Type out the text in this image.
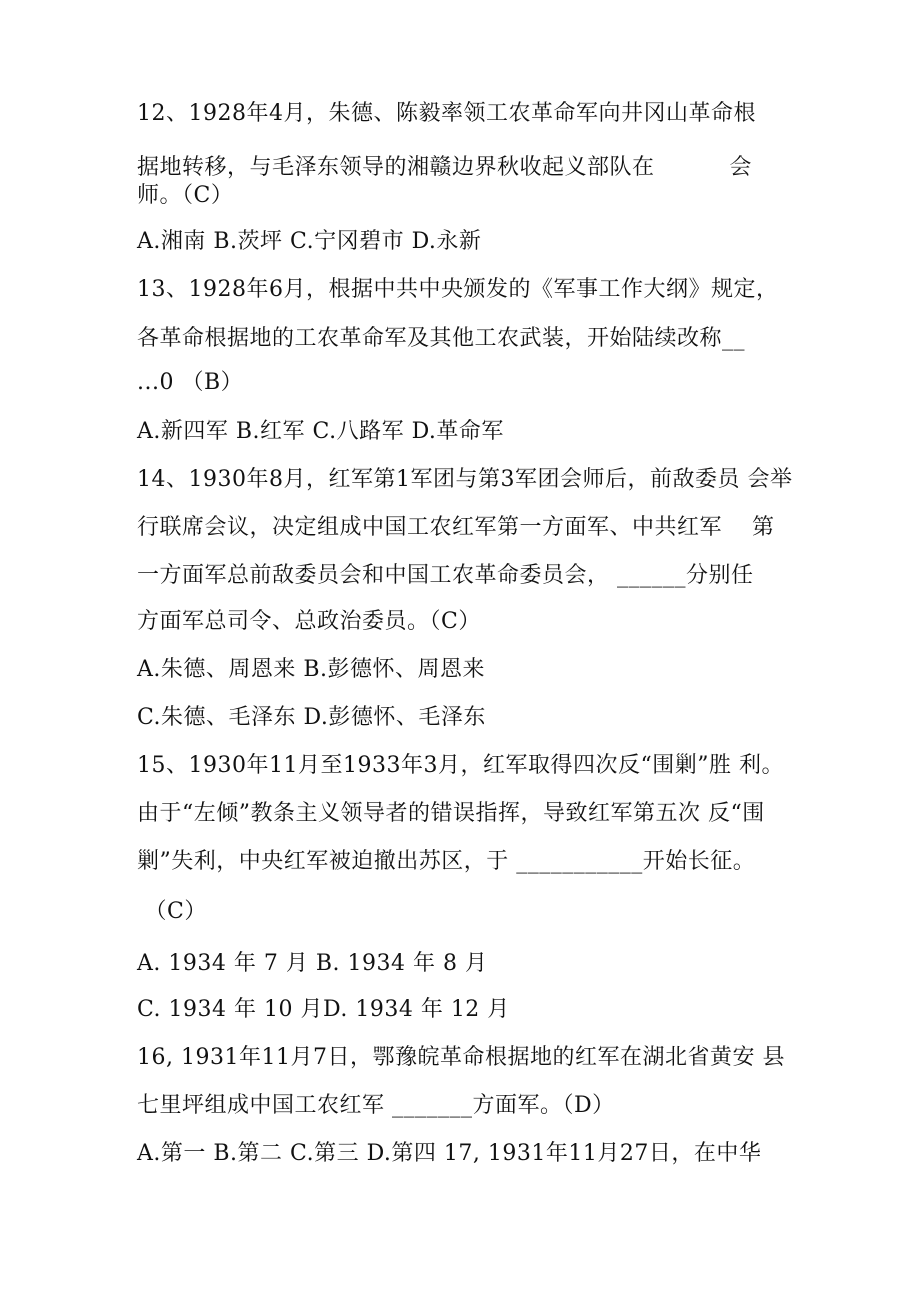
12、1928年4月，朱德、陈毅率领工农革命军向井冈山革命根
据地转移，与毛泽东领导的湘赣边界秋收起义部队在          会
师。（C）
A.湘南 B.茨坪 C.宁冈碧市 D.永新
13、1928年6月，根据中共中央颁发的《军事工作大纲》规定，
各革命根据地的工农革命军及其他工农武装，开始陆续改称__
...0 （B）
A.新四军 B.红军 C.八路军 D.革命军
14、1930年8月，红军第1军团与第3军团会师后，前敌委员 会举
行联席会议，决定组成中国工农红军第一方面军、中共红军    第
一方面军总前敌委员会和中国工农革命委员会， ______分别任
方面军总司令、总政治委员。（C）
A.朱德、周恩来 B.彭德怀、周恩来
C.朱德、毛泽东 D.彭德怀、毛泽东
15、1930年11月至1933年3月，红军取得四次反“围剿”胜 利。
由于“左倾”教条主义领导者的错误指挥，导致红军第五次 反“围
剿”失利，中央红军被迫撤出苏区，于 ___________开始长征。
（C）
A. 1934 年 7 月 B. 1934 年 8 月
C. 1934 年 10 月D. 1934 年 12 月
16, 1931年11月7日，鄂豫皖革命根据地的红军在湖北省黄安 县
七里坪组成中国工农红军 _______方面军。（D）
A.第一 B.第二 C.第三 D.第四 17, 1931年11月27日，在中华
